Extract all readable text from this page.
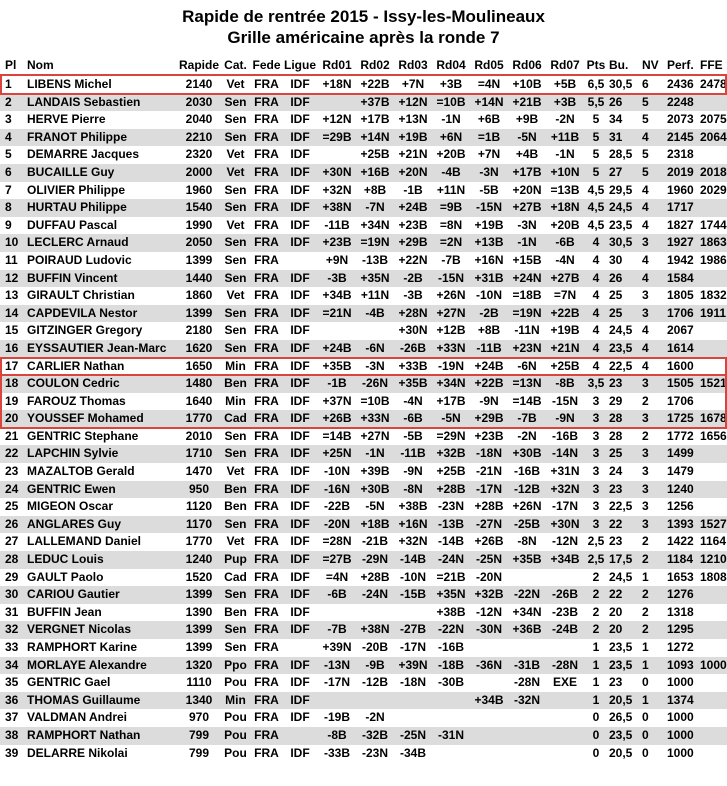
Rapide de rentrée 2015 - Issy-les-Moulineaux
Grille américaine après la ronde 7
Pl	Nom	Rapide	Cat.	Fede	Ligue	Rd01	Rd02	Rd03	Rd04	Rd05	Rd06	Rd07	Pts	Bu.	NV	Perf.	FFE
1	LIBENS Michel	2140	Vet	FRA	IDF	+18N	+22B	+7N	+3B	=4N	+10B	+5B	6,5	30,5	6	2436	2478
2	LANDAIS Sebastien	2030	Sen	FRA	IDF		+37B	+12N	=10B	+14N	+21B	+3B	5,5	26	5	2248	
3	HERVE Pierre	2040	Sen	FRA	IDF	+12N	+17B	+13N	-1N	+6B	+9B	-2N	5	34	5	2073	2075
4	FRANOT Philippe	2210	Sen	FRA	IDF	=29B	+14N	+19B	+6N	=1B	-5N	+11B	5	31	4	2145	2064
5	DEMARRE Jacques	2320	Vet	FRA	IDF		+25B	+21N	+20B	+7N	+4B	-1N	5	28,5	5	2318	
6	BUCAILLE Guy	2000	Vet	FRA	IDF	+30N	+16B	+20N	-4B	-3N	+17B	+10N	5	27	5	2019	2018
7	OLIVIER Philippe	1960	Sen	FRA	IDF	+32N	+8B	-1B	+11N	-5B	+20N	=13B	4,5	29,5	4	1960	2029
8	HURTAU Philippe	1540	Sen	FRA	IDF	+38N	-7N	+24B	=9B	-15N	+27B	+18N	4,5	24,5	4	1717	
9	DUFFAU Pascal	1990	Vet	FRA	IDF	-11B	+34N	+23B	=8N	+19B	-3N	+20B	4,5	23,5	4	1827	1744
10	LECLERC Arnaud	2050	Sen	FRA	IDF	+23B	=19N	+29B	=2N	+13B	-1N	-6B	4	30,5	3	1927	1863
11	POIRAUD Ludovic	1399	Sen	FRA		+9N	-13B	+22N	-7B	+16N	+15B	-4N	4	30	4	1942	1986
12	BUFFIN Vincent	1440	Sen	FRA	IDF	-3B	+35N	-2B	-15N	+31B	+24N	+27B	4	26	4	1584	
13	GIRAULT Christian	1860	Vet	FRA	IDF	+34B	+11N	-3B	+26N	-10N	=18B	=7N	4	25	3	1805	1832
14	CAPDEVILA Nestor	1399	Sen	FRA	IDF	=21N	-4B	+28N	+27N	-2B	=19N	+22B	4	25	3	1706	1911
15	GITZINGER Gregory	2180	Sen	FRA	IDF			+30N	+12B	+8B	-11N	+19B	4	24,5	4	2067	
16	EYSSAUTIER Jean-Marc	1620	Sen	FRA	IDF	+24B	-6N	-26B	+33N	-11B	+23N	+21N	4	23,5	4	1614	
17	CARLIER Nathan	1650	Min	FRA	IDF	+35B	-3N	+33B	-19N	+24B	-6N	+25B	4	22,5	4	1600	
18	COULON Cedric	1480	Ben	FRA	IDF	-1B	-26N	+35B	+34N	+22B	=13N	-8B	3,5	23	3	1505	1521
19	FAROUZ Thomas	1640	Min	FRA	IDF	+37N	=10B	-4N	+17B	-9N	=14B	-15N	3	29	2	1706	
20	YOUSSEF Mohamed	1770	Cad	FRA	IDF	+26B	+33N	-6B	-5N	+29B	-7B	-9N	3	28	3	1725	1678
21	GENTRIC Stephane	2010	Sen	FRA	IDF	=14B	+27N	-5B	=29N	+23B	-2N	-16B	3	28	2	1772	1656
22	LAPCHIN Sylvie	1710	Sen	FRA	IDF	+25N	-1N	-11B	+32B	-18N	+30B	-14N	3	25	3	1499	
23	MAZALTOB Gerald	1470	Vet	FRA	IDF	-10N	+39B	-9N	+25B	-21N	-16B	+31N	3	24	3	1479	
24	GENTRIC Ewen	950	Ben	FRA	IDF	-16N	+30B	-8N	+28B	-17N	-12B	+32N	3	23	3	1240	
25	MIGEON Oscar	1120	Ben	FRA	IDF	-22B	-5N	+38B	-23N	+28B	+26N	-17N	3	22,5	3	1256	
26	ANGLARES Guy	1170	Sen	FRA	IDF	-20N	+18B	+16N	-13B	-27N	-25B	+30N	3	22	3	1393	1527
27	LALLEMAND Daniel	1770	Vet	FRA	IDF	=28N	-21B	+32N	-14B	+26B	-8N	-12N	2,5	23	2	1422	1164
28	LEDUC Louis	1240	Pup	FRA	IDF	=27B	-29N	-14B	-24N	-25N	+35B	+34B	2,5	17,5	2	1184	1210
29	GAULT Paolo	1520	Cad	FRA	IDF	=4N	+28B	-10N	=21B	-20N			2	24,5	1	1653	1808
30	CARIOU Gautier	1399	Sen	FRA	IDF	-6B	-24N	-15B	+35N	+32B	-22N	-26B	2	22	2	1276	
31	BUFFIN Jean	1390	Ben	FRA	IDF				+38B	-12N	+34N	-23B	2	20	2	1318	
32	VERGNET Nicolas	1399	Sen	FRA	IDF	-7B	+38N	-27B	-22N	-30N	+36B	-24B	2	20	2	1295	
33	RAMPHORT Karine	1399	Sen	FRA		+39N	-20B	-17N	-16B				1	23,5	1	1272	
34	MORLAYE Alexandre	1320	Ppo	FRA	IDF	-13N	-9B	+39N	-18B	-36N	-31B	-28N	1	23,5	1	1093	1000
35	GENTRIC Gael	1110	Pou	FRA	IDF	-17N	-12B	-18N	-30B		-28N	EXE	1	23	0	1000	
36	THOMAS Guillaume	1340	Min	FRA	IDF					+34B	-32N		1	20,5	1	1374	
37	VALDMAN Andrei	970	Pou	FRA	IDF	-19B	-2N						0	26,5	0	1000	
38	RAMPHORT Nathan	799	Pou	FRA		-8B	-32B	-25N	-31N				0	23,5	0	1000	
39	DELARRE Nikolai	799	Pou	FRA	IDF	-33B	-23N	-34B					0	20,5	0	1000	
